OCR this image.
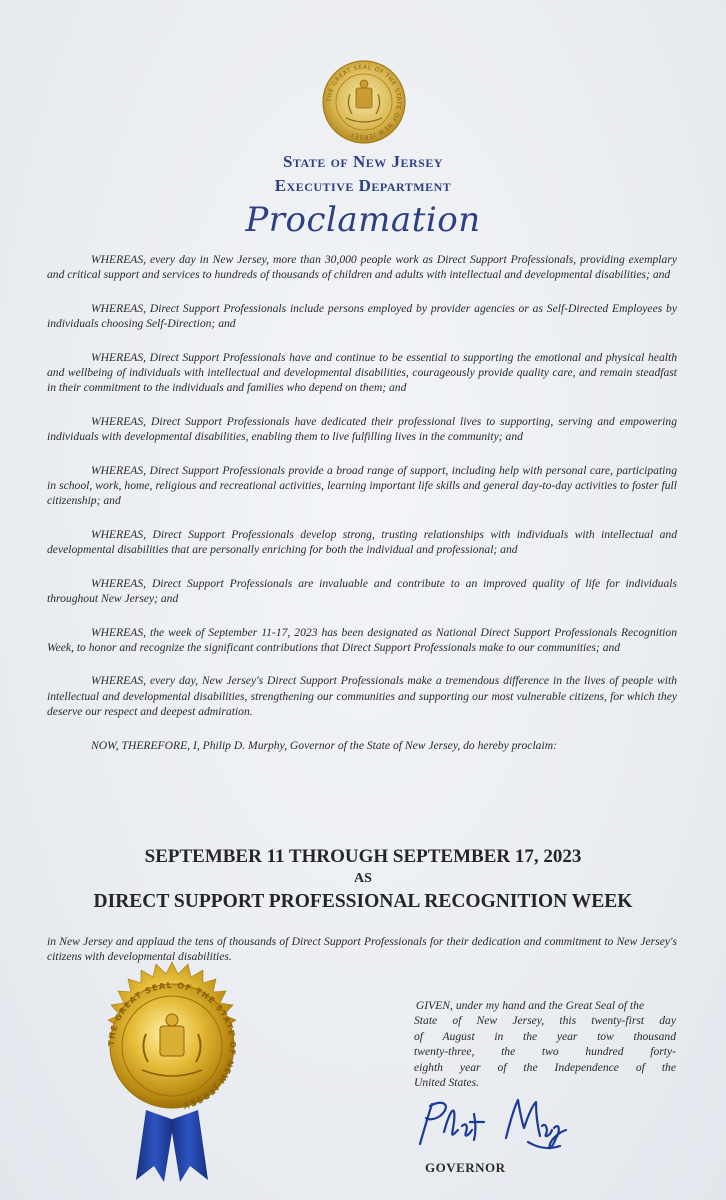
THE GREAT SEAL OF THE STATE OF NEW JERSEY
State of New Jersey
Executive Department
Proclamation

WHEREAS, every day in New Jersey, more than 30,000 people work as Direct Support Professionals, providing exemplary and critical support and services to hundreds of thousands of children and adults with intellectual and developmental disabilities; and

WHEREAS, Direct Support Professionals include persons employed by provider agencies or as Self-Directed Employees by individuals choosing Self-Direction; and

WHEREAS, Direct Support Professionals have and continue to be essential to supporting the emotional and physical health and wellbeing of individuals with intellectual and developmental disabilities, courageously provide quality care, and remain steadfast in their commitment to the individuals and families who depend on them; and

WHEREAS, Direct Support Professionals have dedicated their professional lives to supporting, serving and empowering individuals with developmental disabilities, enabling them to live fulfilling lives in the community; and

WHEREAS, Direct Support Professionals provide a broad range of support, including help with personal care, participating in school, work, home, religious and recreational activities, learning important life skills and general day-to-day activities to foster full citizenship; and

WHEREAS, Direct Support Professionals develop strong, trusting relationships with individuals with intellectual and developmental disabilities that are personally enriching for both the individual and professional; and

WHEREAS, Direct Support Professionals are invaluable and contribute to an improved quality of life for individuals throughout New Jersey; and

WHEREAS, the week of September 11-17, 2023 has been designated as National Direct Support Professionals Recognition Week, to honor and recognize the significant contributions that Direct Support Professionals make to our communities; and

WHEREAS, every day, New Jersey's Direct Support Professionals make a tremendous difference in the lives of people with intellectual and developmental disabilities, strengthening our communities and supporting our most vulnerable citizens, for which they deserve our respect and deepest admiration.

NOW, THEREFORE, I, Philip D. Murphy, Governor of the State of New Jersey, do hereby proclaim:

SEPTEMBER 11 THROUGH SEPTEMBER 17, 2023
AS
DIRECT SUPPORT PROFESSIONAL RECOGNITION WEEK
in New Jersey and applaud the tens of thousands of Direct Support Professionals for their dedication and commitment to New Jersey's citizens with developmental disabilities.
THE GREAT SEAL OF THE STATE OF NEW JERSEY
GIVEN, under my hand and the Great Seal of the
State of New Jersey, this twenty-first day
of August in the year tow thousand
twenty-three, the two hundred forty-
eighth year of the Independence of the
United States.
GOVERNOR
